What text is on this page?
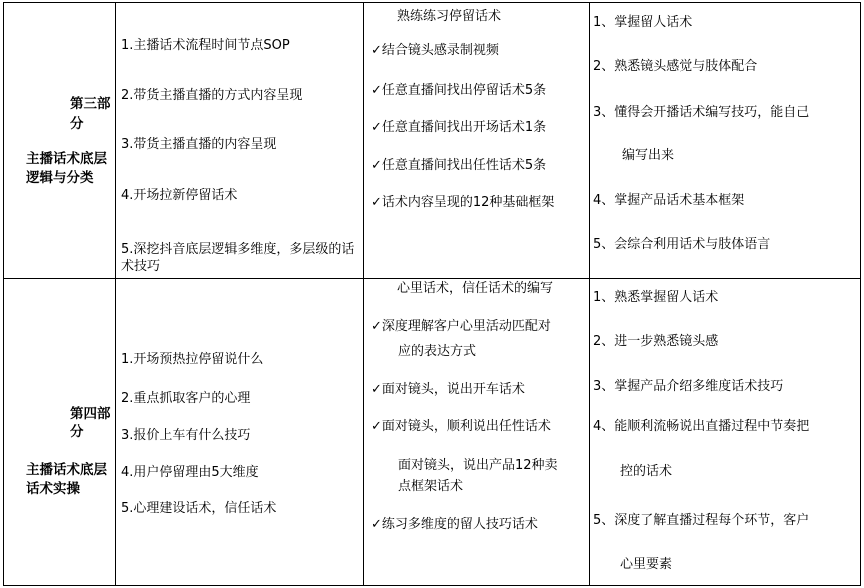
第三部
分
主播话术底层
逻辑与分类
1.主播话术流程时间节点SOP
2.带货主播直播的方式内容呈现
3.带货主播直播的内容呈现
4.开场拉新停留话术
5.深挖抖音底层逻辑多维度，多层级的话术技巧
熟练练习停留话术
✓结合镜头感录制视频
✓任意直播间找出停留话术5条
✓任意直播间找出开场话术1条
✓任意直播间找出任性话术5条
✓话术内容呈现的12种基础框架
1、掌握留人话术
2、熟悉镜头感觉与肢体配合
3、懂得会开播话术编写技巧，能自己
编写出来
4、掌握产品话术基本框架
5、会综合利用话术与肢体语言
第四部
分
主播话术底层
话术实操
1.开场预热拉停留说什么
2.重点抓取客户的心理
3.报价上车有什么技巧
4.用户停留理由5大维度
5.心理建设话术，信任话术
心里话术，信任话术的编写
✓深度理解客户心里活动匹配对
应的表达方式
✓面对镜头，说出开车话术
✓面对镜头，顺利说出任性话术
面对镜头，说出产品12种卖
点框架话术
✓练习多维度的留人技巧话术
1、熟悉掌握留人话术
2、进一步熟悉镜头感
3、掌握产品介绍多维度话术技巧
4、能顺利流畅说出直播过程中节奏把
控的话术
5、深度了解直播过程每个环节，客户
心里要素
